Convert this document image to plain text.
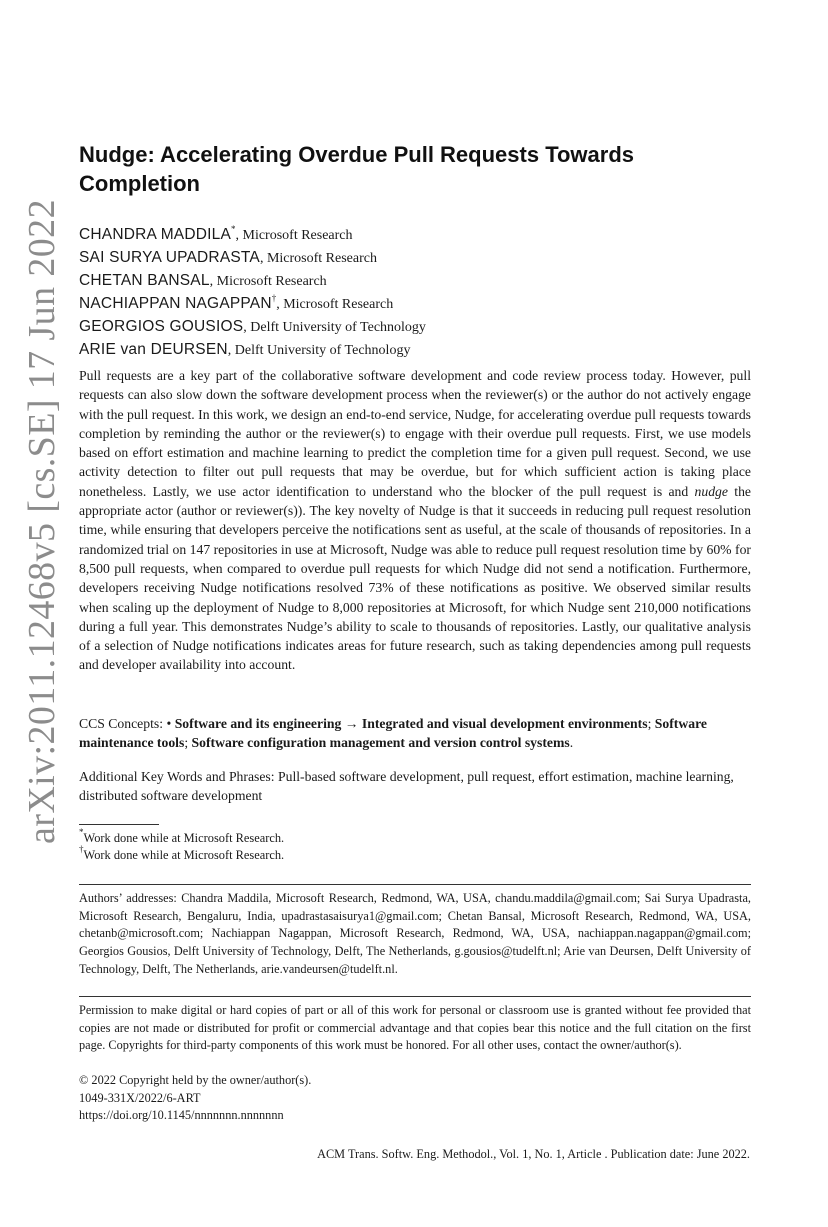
arXiv:2011.12468v5 [cs.SE] 17 Jun 2022
Nudge: Accelerating Overdue Pull Requests Towards
Completion
CHANDRA MADDILA*, Microsoft Research
SAI SURYA UPADRASTA, Microsoft Research
CHETAN BANSAL, Microsoft Research
NACHIAPPAN NAGAPPAN†, Microsoft Research
GEORGIOS GOUSIOS, Delft University of Technology
ARIE van DEURSEN, Delft University of Technology
Pull requests are a key part of the collaborative software development and code review process today. However, pull requests can also slow down the software development process when the reviewer(s) or the author do not actively engage with the pull request. In this work, we design an end-to-end service, Nudge, for accelerating overdue pull requests towards completion by reminding the author or the reviewer(s) to engage with their overdue pull requests. First, we use models based on effort estimation and machine learning to predict the completion time for a given pull request. Second, we use activity detection to filter out pull requests that may be overdue, but for which sufficient action is taking place nonetheless. Lastly, we use actor identification to understand who the blocker of the pull request is and nudge the appropriate actor (author or reviewer(s)). The key novelty of Nudge is that it succeeds in reducing pull request resolution time, while ensuring that developers perceive the notifications sent as useful, at the scale of thousands of repositories. In a randomized trial on 147 repositories in use at Microsoft, Nudge was able to reduce pull request resolution time by 60% for 8,500 pull requests, when compared to overdue pull requests for which Nudge did not send a notification. Furthermore, developers receiving Nudge notifications resolved 73% of these notifications as positive. We observed similar results when scaling up the deployment of Nudge to 8,000 repositories at Microsoft, for which Nudge sent 210,000 notifications during a full year. This demonstrates Nudge’s ability to scale to thousands of repositories. Lastly, our qualitative analysis of a selection of Nudge notifications indicates areas for future research, such as taking dependencies among pull requests and developer availability into account.
CCS Concepts: • Software and its engineering → Integrated and visual development environments; Software maintenance tools; Software configuration management and version control systems.
Additional Key Words and Phrases: Pull-based software development, pull request, effort estimation, machine learning, distributed software development
*Work done while at Microsoft Research.
†Work done while at Microsoft Research.
Authors’ addresses: Chandra Maddila, Microsoft Research, Redmond, WA, USA, chandu.maddila@gmail.com; Sai Surya Upadrasta, Microsoft Research, Bengaluru, India, upadrastasaisurya1@gmail.com; Chetan Bansal, Microsoft Research, Redmond, WA, USA, chetanb@microsoft.com; Nachiappan Nagappan, Microsoft Research, Redmond, WA, USA, nachiappan.nagappan@gmail.com; Georgios Gousios, Delft University of Technology, Delft, The Netherlands, g.gousios@tudelft.nl; Arie van Deursen, Delft University of Technology, Delft, The Netherlands, arie.vandeursen@tudelft.nl.
Permission to make digital or hard copies of part or all of this work for personal or classroom use is granted without fee provided that copies are not made or distributed for profit or commercial advantage and that copies bear this notice and the full citation on the first page. Copyrights for third-party components of this work must be honored. For all other uses, contact the owner/author(s).
© 2022 Copyright held by the owner/author(s).
1049-331X/2022/6-ART
https://doi.org/10.1145/nnnnnnn.nnnnnnn
ACM Trans. Softw. Eng. Methodol., Vol. 1, No. 1, Article . Publication date: June 2022.
